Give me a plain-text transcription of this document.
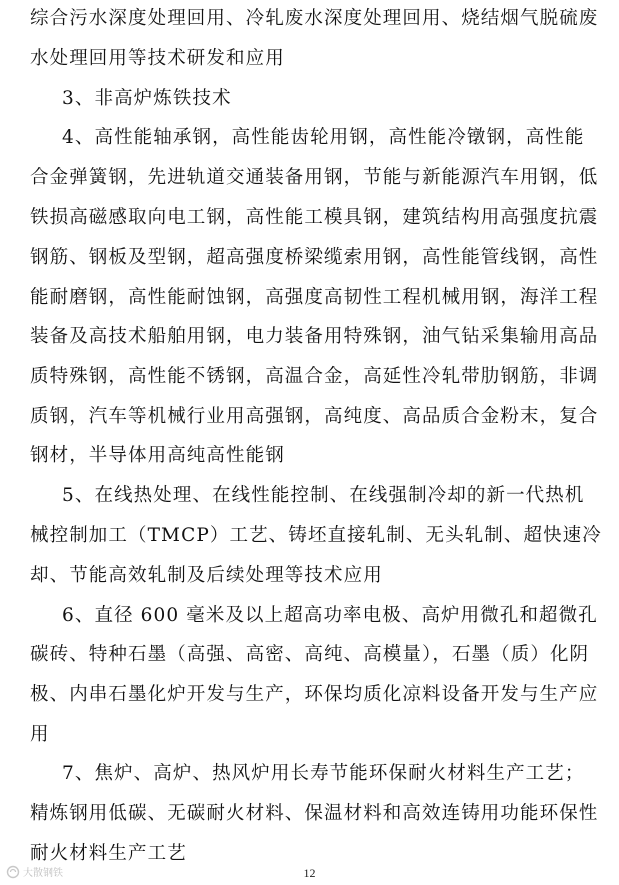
综合污水深度处理回用、冷轧废水深度处理回用、烧结烟气脱硫废
水处理回用等技术研发和应用
3、非高炉炼铁技术
4、高性能轴承钢，高性能齿轮用钢，高性能冷镦钢，高性能
合金弹簧钢，先进轨道交通装备用钢，节能与新能源汽车用钢，低
铁损高磁感取向电工钢，高性能工模具钢，建筑结构用高强度抗震
钢筋、钢板及型钢，超高强度桥梁缆索用钢，高性能管线钢，高性
能耐磨钢，高性能耐蚀钢，高强度高韧性工程机械用钢，海洋工程
装备及高技术船舶用钢，电力装备用特殊钢，油气钻采集输用高品
质特殊钢，高性能不锈钢，高温合金，高延性冷轧带肋钢筋，非调
质钢，汽车等机械行业用高强钢，高纯度、高品质合金粉末，复合
钢材，半导体用高纯高性能钢
5、在线热处理、在线性能控制、在线强制冷却的新一代热机
械控制加工（TMCP）工艺、铸坯直接轧制、无头轧制、超快速冷
却、节能高效轧制及后续处理等技术应用
6、直径 600 毫米及以上超高功率电极、高炉用微孔和超微孔
碳砖、特种石墨（高强、高密、高纯、高模量），石墨（质）化阴
极、内串石墨化炉开发与生产，环保均质化凉料设备开发与生产应
用
7、焦炉、高炉、热风炉用长寿节能环保耐火材料生产工艺；
精炼钢用低碳、无碳耐火材料、保温材料和高效连铸用功能环保性
耐火材料生产工艺
大散钢铁	12
